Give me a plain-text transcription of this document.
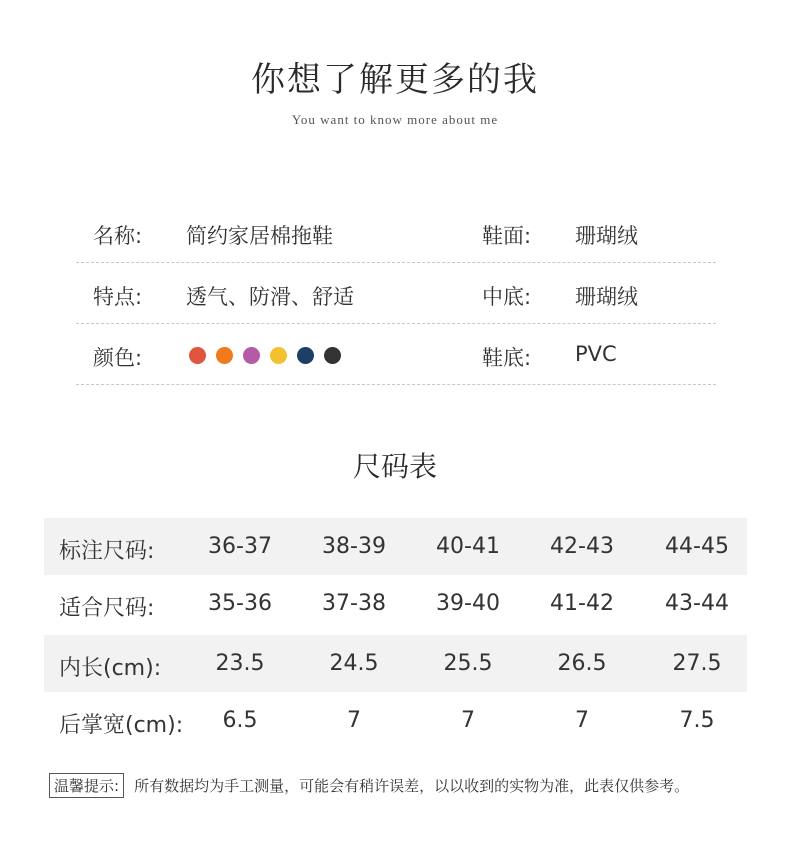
你想了解更多的我
You want to know more about me
名称: 简约家居棉拖鞋	鞋面: 珊瑚绒
特点: 透气、防滑、舒适	中底: 珊瑚绒
颜色:	鞋底: PVC
尺码表
标注尺码:	36-37	38-39	40-41	42-43	44-45
适合尺码:	35-36	37-38	39-40	41-42	43-44
内长(cm):	23.5	24.5	25.5	26.5	27.5
后掌宽(cm):	6.5	7	7	7	7.5
温馨提示:	所有数据均为手工测量，可能会有稍许误差，以以收到的实物为准，此表仅供参考。
